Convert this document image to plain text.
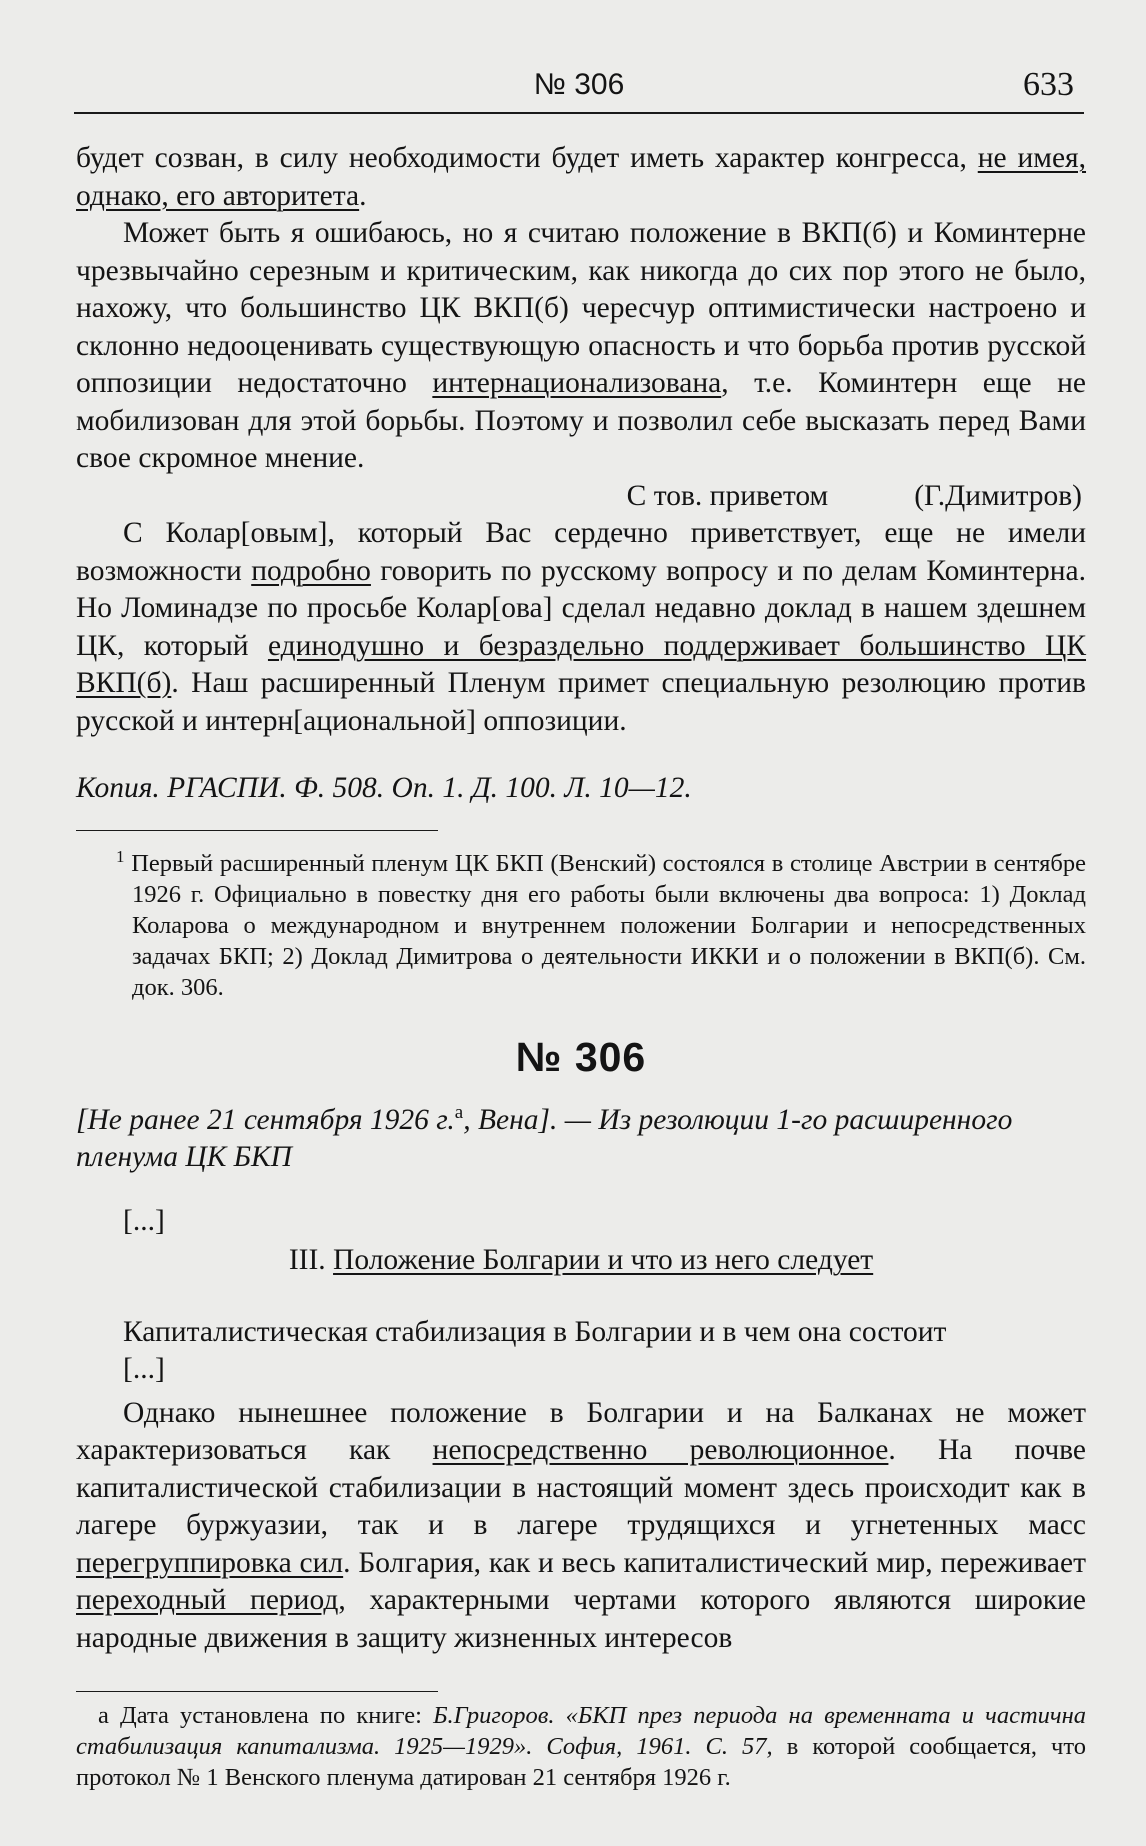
№ 306	633

будет созван, в силу необходимости будет иметь характер конгресса, не имея, однако, его авторитета.

Может быть я ошибаюсь, но я считаю положение в ВКП(б) и Коминтерне чрезвычайно серезным и критическим, как никогда до сих пор этого не было, нахожу, что большинство ЦК ВКП(б) чересчур оптимистически настроено и склонно недооценивать существующую опасность и что борьба против русской оппозиции недостаточно интернационализована, т.е. Коминтерн еще не мобилизован для этой борьбы. Поэтому и позволил себе высказать перед Вами свое скромное мнение.

С тов. приветом	(Г.Димитров)

С Колар[овым], который Вас сердечно приветствует, еще не имели возможности подробно говорить по русскому вопросу и по делам Коминтерна. Но Ломинадзе по просьбе Колар[ова] сделал недавно доклад в нашем здешнем ЦК, который единодушно и безраздельно поддерживает большинство ЦК ВКП(б). Наш расширенный Пленум примет специальную резолюцию против русской и интерн[ациональной] оппозиции.

Копия. РГАСПИ. Ф. 508. Оп. 1. Д. 100. Л. 10—12.

$^1$ Первый расширенный пленум ЦК БКП (Венский) состоялся в столице Австрии в сентябре 1926 г. Официально в повестку дня его работы были включены два вопроса: 1) Доклад Коларова о международном и внутреннем положении Болгарии и непосредственных задачах БКП; 2) Доклад Димитрова о деятельности ИККИ и о положении в ВКП(б). См. док. 306.

№ 306

[Не ранее 21 сентября 1926 г.$^а$, Вена]. — Из резолюции 1-го расширенного пленума ЦК БКП

[...]

III. Положение Болгарии и что из него следует

Капиталистическая стабилизация в Болгарии и в чем она состоит

[...]

Однако нынешнее положение в Болгарии и на Балканах не может характеризоваться как непосредственно революционное. На почве капиталистической стабилизации в настоящий момент здесь происходит как в лагере буржуазии, так и в лагере трудящихся и угнетенных масс перегруппировка сил. Болгария, как и весь капиталистический мир, переживает переходный период, характерными чертами которого являются широкие народные движения в защиту жизненных интересов

а Дата установлена по книге: Б.Григоров. «БКП през периода на временната и частична стабилизация капитализма. 1925—1929». София, 1961. С. 57, в которой сообщается, что протокол № 1 Венского пленума датирован 21 сентября 1926 г.
